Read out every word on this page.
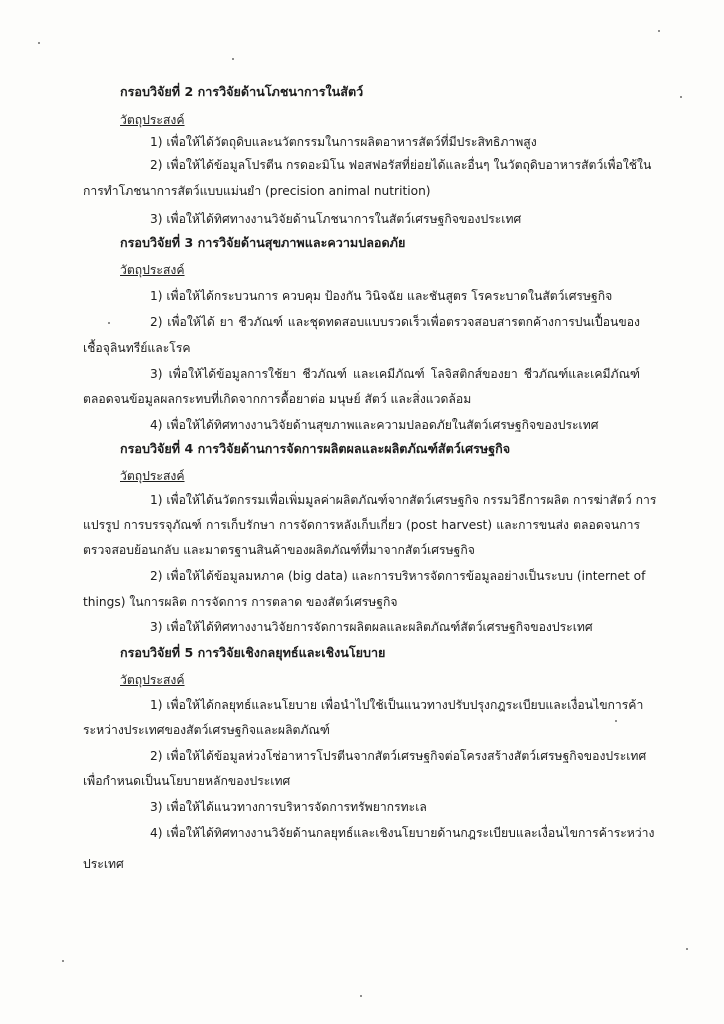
กรอบวิจัยที่ 2 การวิจัยด้านโภชนาการในสัตว์
วัตถุประสงค์
1) เพื่อให้ได้วัตถุดิบและนวัตกรรมในการผลิตอาหารสัตว์ที่มีประสิทธิภาพสูง
2) เพื่อให้ได้ข้อมูลโปรตีน กรดอะมิโน ฟอสฟอรัสที่ย่อยได้และอื่นๆ ในวัตถุดิบอาหารสัตว์เพื่อใช้ใน
การทำโภชนาการสัตว์แบบแม่นยำ (precision animal nutrition)
3) เพื่อให้ได้ทิศทางงานวิจัยด้านโภชนาการในสัตว์เศรษฐกิจของประเทศ
กรอบวิจัยที่ 3 การวิจัยด้านสุขภาพและความปลอดภัย
วัตถุประสงค์
1) เพื่อให้ได้กระบวนการ ควบคุม ป้องกัน วินิจฉัย และชันสูตร โรคระบาดในสัตว์เศรษฐกิจ
2) เพื่อให้ได้ ยา ชีวภัณฑ์ และชุดทดสอบแบบรวดเร็วเพื่อตรวจสอบสารตกค้างการปนเปื้อนของ
เชื้อจุลินทรีย์และโรค
3) เพื่อให้ได้ข้อมูลการใช้ยา ชีวภัณฑ์ และเคมีภัณฑ์ โลจิสติกส์ของยา ชีวภัณฑ์และเคมีภัณฑ์
ตลอดจนข้อมูลผลกระทบที่เกิดจากการดื้อยาต่อ มนุษย์ สัตว์ และสิ่งแวดล้อม
4) เพื่อให้ได้ทิศทางงานวิจัยด้านสุขภาพและความปลอดภัยในสัตว์เศรษฐกิจของประเทศ
กรอบวิจัยที่ 4 การวิจัยด้านการจัดการผลิตผลและผลิตภัณฑ์สัตว์เศรษฐกิจ
วัตถุประสงค์
1) เพื่อให้ได้นวัตกรรมเพื่อเพิ่มมูลค่าผลิตภัณฑ์จากสัตว์เศรษฐกิจ กรรมวิธีการผลิต การฆ่าสัตว์ การ
แปรรูป การบรรจุภัณฑ์ การเก็บรักษา การจัดการหลังเก็บเกี่ยว (post harvest) และการขนส่ง ตลอดจนการ
ตรวจสอบย้อนกลับ และมาตรฐานสินค้าของผลิตภัณฑ์ที่มาจากสัตว์เศรษฐกิจ
2) เพื่อให้ได้ข้อมูลมหภาค (big data) และการบริหารจัดการข้อมูลอย่างเป็นระบบ (internet of
things) ในการผลิต การจัดการ การตลาด ของสัตว์เศรษฐกิจ
3) เพื่อให้ได้ทิศทางงานวิจัยการจัดการผลิตผลและผลิตภัณฑ์สัตว์เศรษฐกิจของประเทศ
กรอบวิจัยที่ 5 การวิจัยเชิงกลยุทธ์และเชิงนโยบาย
วัตถุประสงค์
1) เพื่อให้ได้กลยุทธ์และนโยบาย เพื่อนำไปใช้เป็นแนวทางปรับปรุงกฎระเบียบและเงื่อนไขการค้า
ระหว่างประเทศของสัตว์เศรษฐกิจและผลิตภัณฑ์
2) เพื่อให้ได้ข้อมูลห่วงโซ่อาหารโปรตีนจากสัตว์เศรษฐกิจต่อโครงสร้างสัตว์เศรษฐกิจของประเทศ
เพื่อกำหนดเป็นนโยบายหลักของประเทศ
3) เพื่อให้ได้แนวทางการบริหารจัดการทรัพยากรทะเล
4) เพื่อให้ได้ทิศทางงานวิจัยด้านกลยุทธ์และเชิงนโยบายด้านกฎระเบียบและเงื่อนไขการค้าระหว่าง
ประเทศ
